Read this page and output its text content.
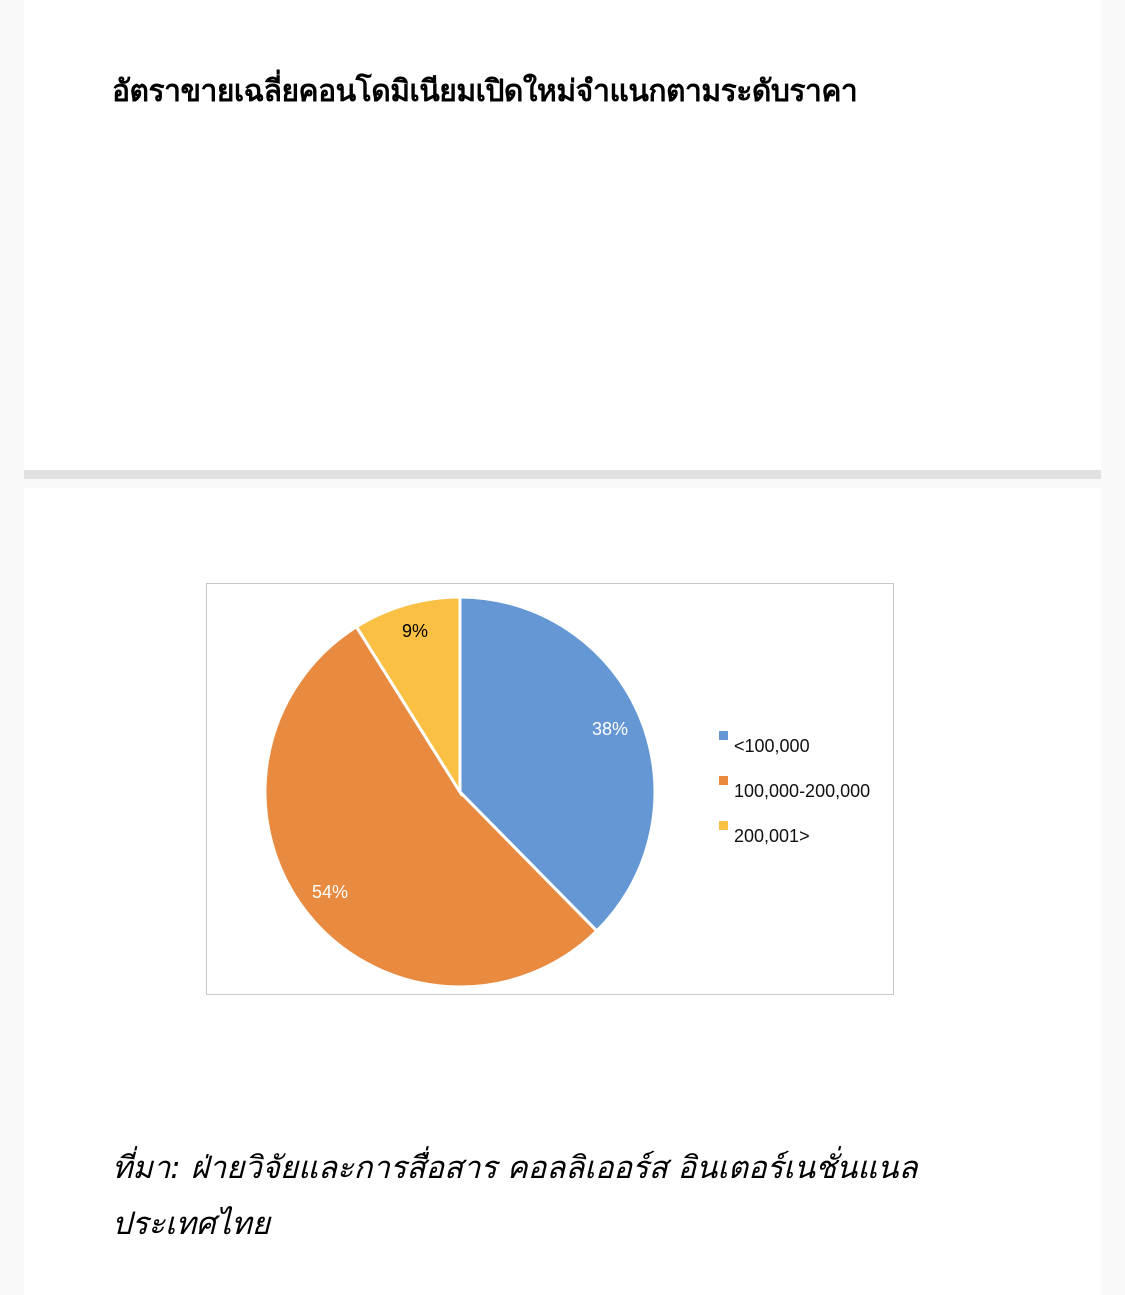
อัตราขายเฉลี่ยคอนโดมิเนียมเปิดใหม่จำแนกตามระดับราคา
38%
54%
9%
<100,000
100,000-200,000
200,001>
ที่มา: ฝ่ายวิจัยและการสื่อสาร คอลลิเออร์ส อินเตอร์เนชั่นแนล
ประเทศไทย
